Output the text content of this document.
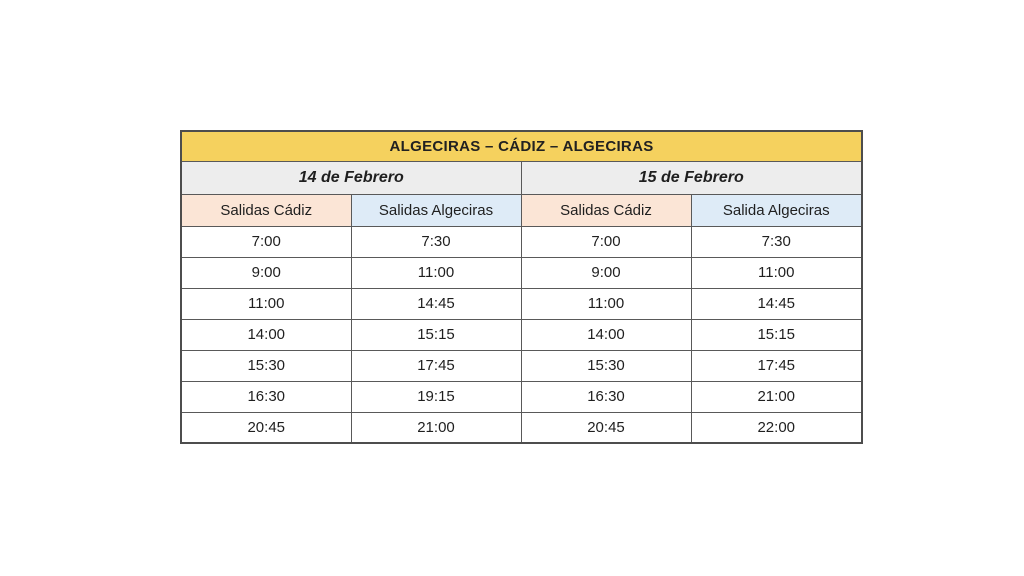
ALGECIRAS – CÁDIZ – ALGECIRAS			
14 de Febrero		15 de Febrero	
Salidas Cádiz	Salidas Algeciras	Salidas Cádiz	Salida Algeciras
7:00	7:30	7:00	7:30
9:00	11:00	9:00	11:00
11:00	14:45	11:00	14:45
14:00	15:15	14:00	15:15
15:30	17:45	15:30	17:45
16:30	19:15	16:30	21:00
20:45	21:00	20:45	22:00
